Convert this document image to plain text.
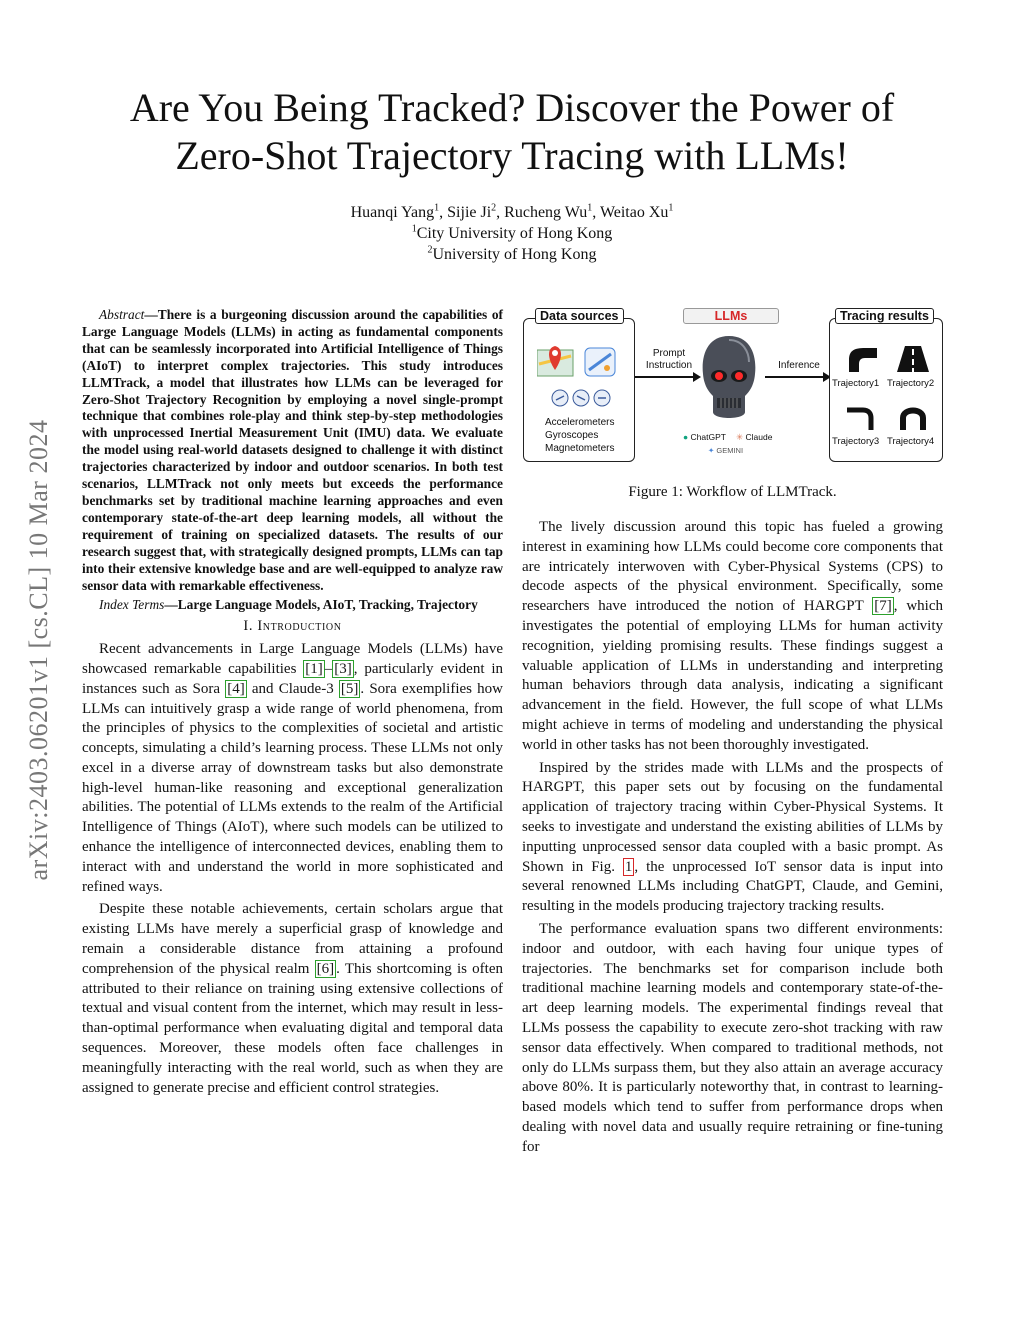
arXiv:2403.06201v1 [cs.CL] 10 Mar 2024
Are You Being Tracked? Discover the Power of
Zero-Shot Trajectory Tracing with LLMs!
Huanqi Yang$^1$, Sijie Ji$^2$, Rucheng Wu$^1$, Weitao Xu$^1$
$^1$City University of Hong Kong
$^2$University of Hong Kong

Abstract—There is a burgeoning discussion around the capabilities of Large Language Models (LLMs) in acting as fundamental components that can be seamlessly incorporated into Artificial Intelligence of Things (AIoT) to interpret complex trajectories. This study introduces LLMTrack, a model that illustrates how LLMs can be leveraged for Zero-Shot Trajectory Recognition by employing a novel single-prompt technique that combines role-play and think step-by-step methodologies with unprocessed Inertial Measurement Unit (IMU) data. We evaluate the model using real-world datasets designed to challenge it with distinct trajectories characterized by indoor and outdoor scenarios. In both test scenarios, LLMTrack not only meets but exceeds the performance benchmarks set by traditional machine learning approaches and even contemporary state-of-the-art deep learning models, all without the requirement of training on specialized datasets. The results of our research suggest that, with strategically designed prompts, LLMs can tap into their extensive knowledge base and are well-equipped to analyze raw sensor data with remarkable effectiveness.

Index Terms—Large Language Models, AIoT, Tracking, Trajectory

I. Introduction

Recent advancements in Large Language Models (LLMs) have showcased remarkable capabilities [1] – [3] , particularly evident in instances such as Sora [4] and Claude-3 [5] . Sora exemplifies how LLMs can intuitively grasp a wide range of world phenomena, from the principles of physics to the complexities of societal and artistic concepts, simulating a child’s learning process. These LLMs not only excel in a diverse array of downstream tasks but also demonstrate high-level human-like reasoning and exceptional generalization abilities. The potential of LLMs extends to the realm of the Artificial Intelligence of Things (AIoT), where such models can be utilized to enhance the intelligence of interconnected devices, enabling them to interact with and understand the world in more sophisticated and refined ways.

Despite these notable achievements, certain scholars argue that existing LLMs have merely a superficial grasp of knowledge and remain a considerable distance from attaining a profound comprehension of the physical realm [6] . This shortcoming is often attributed to their reliance on training using extensive collections of textual and visual content from the internet, which may result in less-than-optimal performance when evaluating digital and temporal data sequences. Moreover, these models often face challenges in meaningfully interacting with the real world, such as when they are assigned to generate precise and efficient control strategies.

Data sources
Accelerometers
Gyroscopes
Magnetometers
Prompt Instruction
LLMs
● ChatGPT ✳ Claude
✦ GEMINI
Inference
Tracing results
Trajectory1 Trajectory2
Trajectory3 Trajectory4
Figure 1: Workflow of LLMTrack.

The lively discussion around this topic has fueled a growing interest in examining how LLMs could become core components that are intricately interwoven with Cyber-Physical Systems (CPS) to decode aspects of the physical environment. Specifically, some researchers have introduced the notion of HARGPT [7] , which investigates the potential of employing LLMs for human activity recognition, yielding promising results. These findings suggest a valuable application of LLMs in understanding and interpreting human behaviors through data analysis, indicating a significant advancement in the field. However, the full scope of what LLMs might achieve in terms of modeling and understanding the physical world in other tasks has not been thoroughly investigated.

Inspired by the strides made with LLMs and the prospects of HARGPT, this paper sets out by focusing on the fundamental application of trajectory tracing within Cyber-Physical Systems. It seeks to investigate and understand the existing abilities of LLMs by inputting unprocessed sensor data coupled with a basic prompt. As Shown in Fig. 1 , the unprocessed IoT sensor data is input into several renowned LLMs including ChatGPT, Claude, and Gemini, resulting in the models producing trajectory tracking results.

The performance evaluation spans two different environments: indoor and outdoor, with each having four unique types of trajectories. The benchmarks set for comparison include both traditional machine learning models and contemporary state-of-the-art deep learning models. The experimental findings reveal that LLMs possess the capability to execute zero-shot tracking with raw sensor data effectively. When compared to traditional methods, not only do LLMs surpass them, but they also attain an average accuracy above 80%. It is particularly noteworthy that, in contrast to learning-based models which tend to suffer from performance drops when dealing with novel data and usually require retraining or fine-tuning for
